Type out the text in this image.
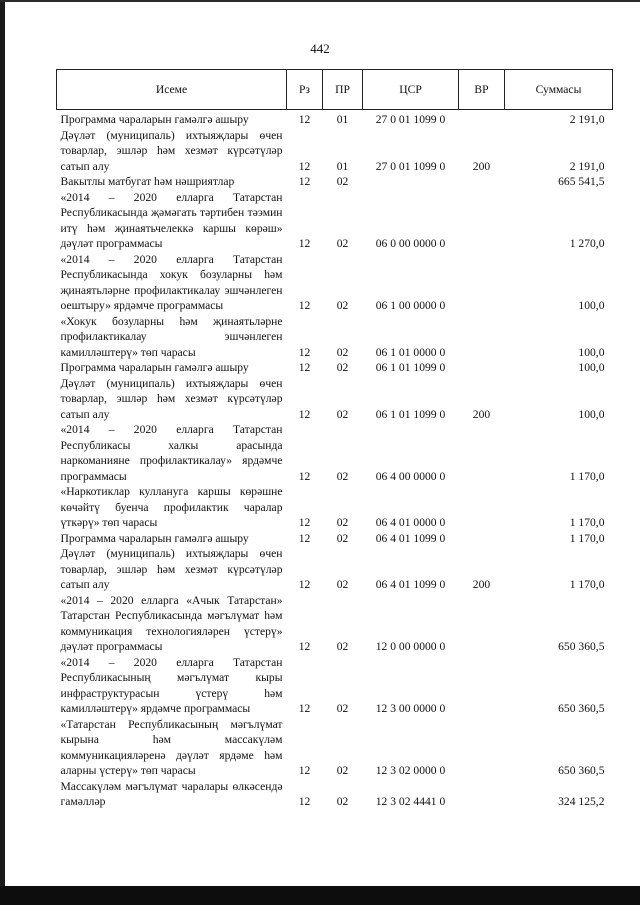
442
Исеме	Рз	ПР	ЦСР	ВР	Суммасы
Программа чараларын гамәлгә ашыру	12	01	27 0 01 1099 0		2 191,0
Дәүләт (муниципаль) ихтыяҗлары өчен товарлар, эшләр һәм хезмәт күрсәтүләр сатып алу	12	01	27 0 01 1099 0	200	2 191,0
Вакытлы матбугат һәм нәшриятлар	12	02			665 541,5
«2014 – 2020 елларга Татарстан Республикасында җәмәгать тәртибен тәэмин итү һәм җинаятьчелеккә каршы көрәш» дәүләт программасы	12	02	06 0 00 0000 0		1 270,0
«2014 – 2020 елларга Татарстан Республикасында хокук бозуларны һәм җинаятьләрне профилактикалау эшчәнлеген оештыру» ярдәмче программасы	12	02	06 1 00 0000 0		100,0
«Хокук бозуларны һәм җинаятьләрне профилактикалау эшчәнлеген камилләштерү» төп чарасы	12	02	06 1 01 0000 0		100,0
Программа чараларын гамәлгә ашыру	12	02	06 1 01 1099 0		100,0
Дәүләт (муниципаль) ихтыяҗлары өчен товарлар, эшләр һәм хезмәт күрсәтүләр сатып алу	12	02	06 1 01 1099 0	200	100,0
«2014 – 2020 елларга Татарстан Республикасы халкы арасында наркоманияне профилактикалау» ярдәмче программасы	12	02	06 4 00 0000 0		1 170,0
«Наркотиклар куллануга каршы көрәшне көчәйтү буенча профилактик чаралар үткәрү» төп чарасы	12	02	06 4 01 0000 0		1 170,0
Программа чараларын гамәлгә ашыру	12	02	06 4 01 1099 0		1 170,0
Дәүләт (муниципаль) ихтыяҗлары өчен товарлар, эшләр һәм хезмәт күрсәтүләр сатып алу	12	02	06 4 01 1099 0	200	1 170,0
«2014 – 2020 елларга «Ачык Татарстан» Татарстан Республикасында мәгълүмат һәм коммуникация технологияләрен үстерү» дәүләт программасы	12	02	12 0 00 0000 0		650 360,5
«2014 – 2020 елларга Татарстан Республикасының мәгълүмат кыры инфраструктурасын үстерү һәм камилләштерү» ярдәмче программасы	12	02	12 3 00 0000 0		650 360,5
«Татарстан Республикасының мәгълүмат кырына һәм массакүләм коммуникацияләренә дәүләт ярдәме һәм аларны үстерү» төп чарасы	12	02	12 3 02 0000 0		650 360,5
Массакүләм мәгълүмат чаралары өлкәсендә гамәлләр	12	02	12 3 02 4441 0		324 125,2
